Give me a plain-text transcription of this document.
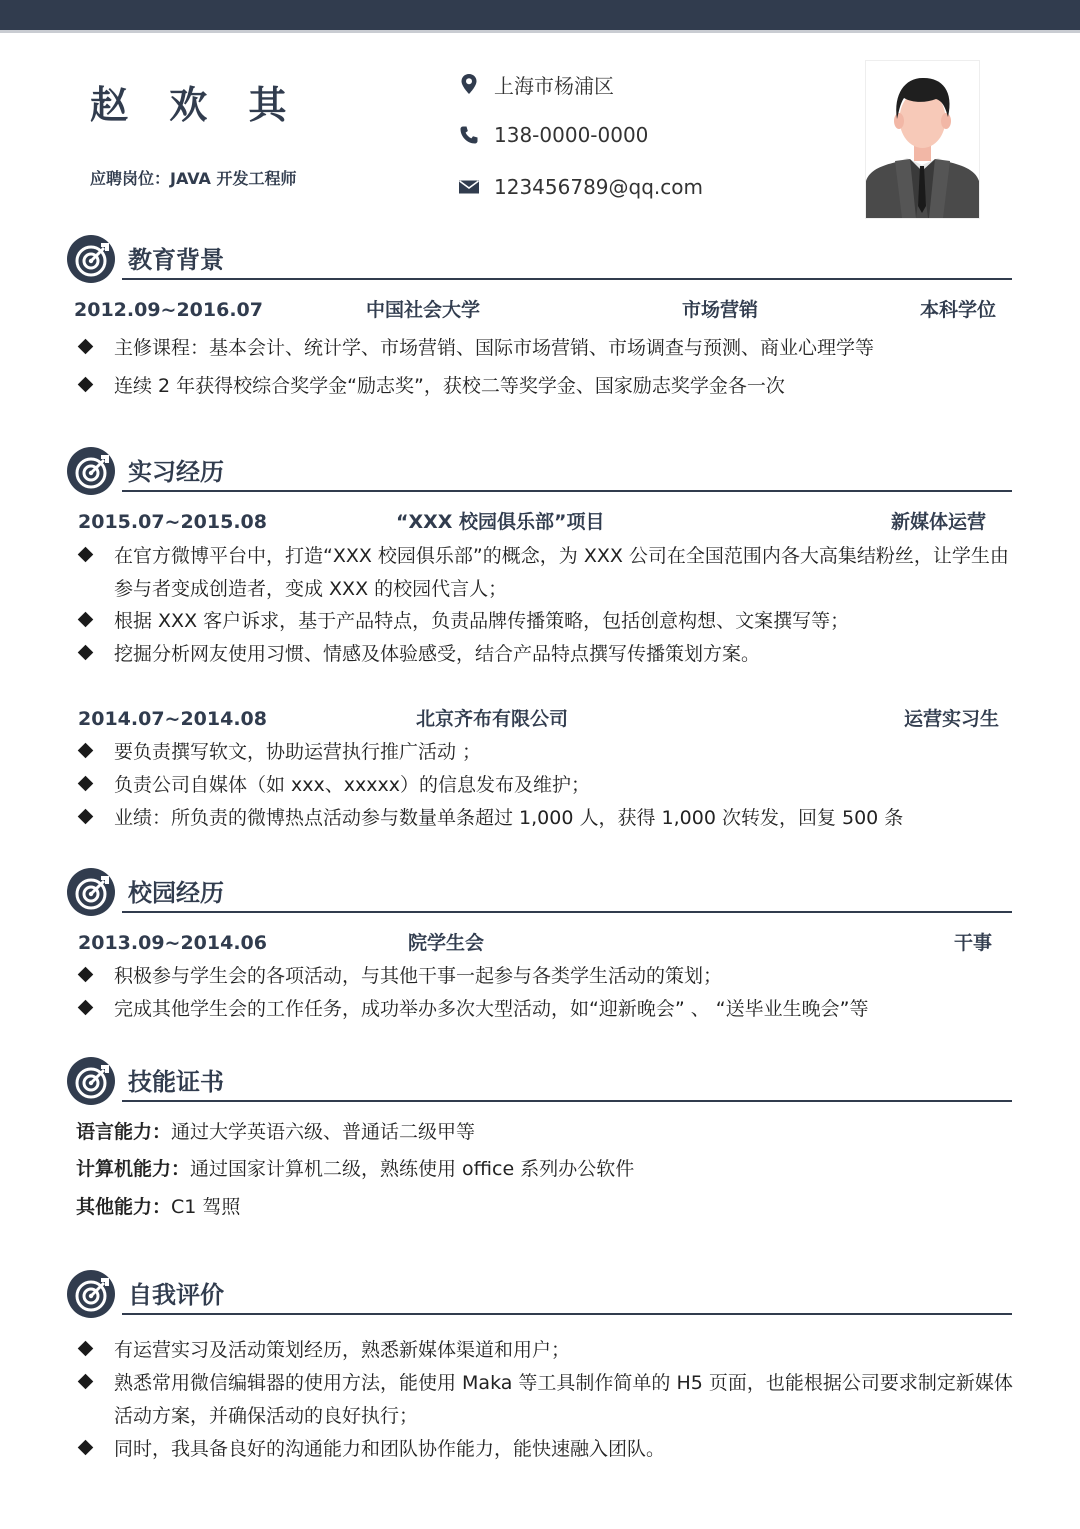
赵 欢 其
应聘岗位：JAVA 开发工程师
上海市杨浦区
138-0000-0000
123456789@qq.com
教育背景
2012.09~2016.07	中国社会大学	市场营销	本科学位
主修课程：基本会计、统计学、市场营销、国际市场营销、市场调查与预测、商业心理学等
连续 2 年获得校综合奖学金“励志奖”，获校二等奖学金、国家励志奖学金各一次
实习经历
2015.07~2015.08	“XXX 校园俱乐部”项目	新媒体运营
在官方微博平台中，打造“XXX 校园俱乐部”的概念，为 XXX 公司在全国范围内各大高集结粉丝，让学生由参与者变成创造者，变成 XXX 的校园代言人；
根据 XXX 客户诉求，基于产品特点，负责品牌传播策略，包括创意构想、文案撰写等；
挖掘分析网友使用习惯、情感及体验感受，结合产品特点撰写传播策划方案。
2014.07~2014.08	北京齐布有限公司	运营实习生
要负责撰写软文，协助运营执行推广活动 ；
负责公司自媒体（如 xxx、xxxxx）的信息发布及维护；
业绩：所负责的微博热点活动参与数量单条超过 1,000 人，获得 1,000 次转发，回复 500 条
校园经历
2013.09~2014.06	院学生会	干事
积极参与学生会的各项活动，与其他干事一起参与各类学生活动的策划；
完成其他学生会的工作任务，成功举办多次大型活动，如“迎新晚会” 、 “送毕业生晚会”等
技能证书
语言能力：通过大学英语六级、普通话二级甲等
计算机能力：通过国家计算机二级，熟练使用 office 系列办公软件
其他能力：C1 驾照
自我评价
有运营实习及活动策划经历，熟悉新媒体渠道和用户；
熟悉常用微信编辑器的使用方法，能使用 Maka 等工具制作简单的 H5 页面，也能根据公司要求制定新媒体活动方案，并确保活动的良好执行；
同时，我具备良好的沟通能力和团队协作能力，能快速融入团队。
